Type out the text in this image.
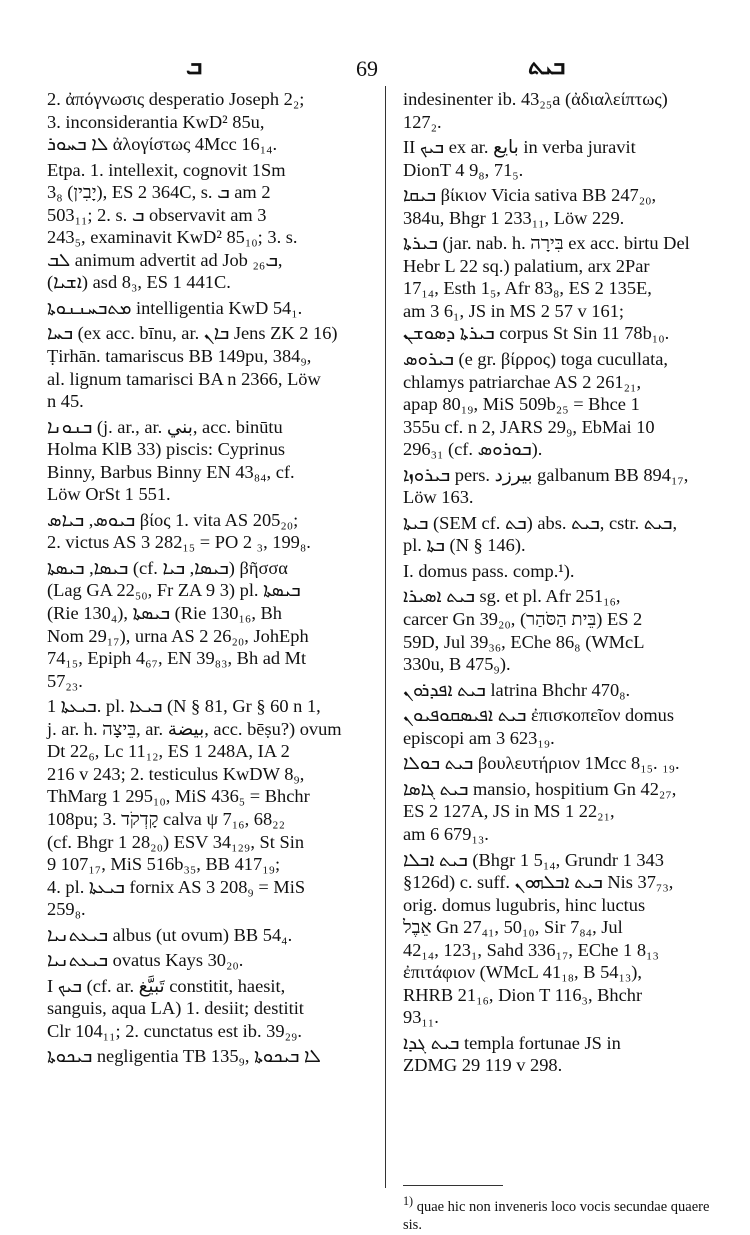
ܒ	69	ܒܝܬ
2. ἀπόγνωσις desperatio Joseph 2₂;
3. inconsiderantia KwD² 85u,
ܠܐ ܒܚܘܪ ἀλογίστως 4Mcc 16₁₄.
Etpa. 1. intellexit, cognovit 1Sm
3₈ (יָבִין), ES 2 364C, s. ܒ am 2
503₁₁; 2. s. ܒ observavit am 3
243₅, examinavit KwD² 85₁₀; 3. s.
ܠܒ animum advertit ad Job ܒ₂₆,
(ܐܫܝܐ) asd 8₃, ES 1 441C.
ܡܬܒܚܢܢܘܬܐ intelligentia KwD 54₁.
ܒܚܐ (ex acc. bīnu, ar. ܒܐܢ Jens ZK 2 16)
Ṭirhān. tamariscus BB 149pu, 384₉,
al. lignum tamarisci BA n 2366, Löw
n 45.
ܒܢܘܢܐ (j. ar., ar. بني, acc. binūtu
Holma KlB 33) piscis: Cyprinus
Binny, Barbus Binny EN 43₈₄, cf.
Löw OrSt 1 551.
ܒܝܘܣ, ܒܝܐܣ βίος 1. vita AS 205₂₀;
2. victus AS 3 282₁₅ = PO 2 ₃, 199₈.
ܒܝܣܐ, ܒܝܣܬܐ (cf. ܒܝܣܐ, ܒܝܐ) βῆσσα
(Lag GA 22₅₀, Fr ZA 9 3) pl. ܒܝܣܬܐ
(Rie 130₄), ܒܝܣܬܐ (Rie 130₁₆, Bh
Nom 29₁₇), urna AS 2 26₂₀, JohEph
74₁₅, Epiph 4₆₇, EN 39₈₃, Bh ad Mt
57₂₃.
ܒܝܥܬܐ 1. pl. ܒܝܥܐ (N § 81, Gr § 60 n 1,
j. ar. h. בֵּיצָה, ar. بيضة, acc. bēṣu?) ovum
Dt 22₆, Lc 11₁₂, ES 1 248A, IA 2
216 v 243; 2. testiculus KwDW 8₉,
ThMarg 1 295₁₀, MiS 436₅ = Bhchr
108pu; 3. קָדְקֹד calva ψ 7₁₆, 68₂₂
(cf. Bhgr 1 28₂₀) ESV 34₁₂₉, St Sin
9 107₁₇, MiS 516b₃₅, BB 417₁₉;
4. pl. ܒܝܥܬܐ fornix AS 3 208₉ = MiS
259₈.
ܒܝܥܬܢܝܐ albus (ut ovum) BB 54₄.
ܒܝܥܬܢܝܐ ovatus Kays 30₂₀.
I ܒܝܟ (cf. ar. تَبيَّغ constitit, haesit,
sanguis, aqua LA) 1. desiit; destitit
Clr 104₁₁; 2. cunctatus est ib. 39₂₉.
ܒܝܟܘܬܐ negligentia TB 135₉, ܠܐ ܒܝܟܘܬܐ
indesinenter ib. 43₂₅a (ἀδιαλείπτως)
127₂.
II ܒܝܟ ex ar. بايع in verba juravit
DionT 4 9₈, 71₅.
ܒܝܩܐ βίκιον Vicia sativa BB 247₂₀,
384u, Bhgr 1 233₁₁, Löw 229.
ܒܝܪܬܐ (jar. nab. h. בִּירָה ex acc. birtu Del
Hebr L 22 sq.) palatium, arx 2Par
17₁₄, Esth 1₅, Afr 83₈, ES 2 135E,
am 3 6₁, JS in MS 2 57 v 161;
ܒܝܪܬܐ ܕܣܘܫܢ corpus St Sin 11 78b₁₀.
ܒܝܪܘܣ (e gr. βίρρος) toga cucullata,
chlamys patriarchae AS 2 261₂₁,
apap 80₁₉, MiS 509b₂₅ = Bhce 1
355u cf. n 2, JARS 29₉, EbMai 10
296₃₁ (cf. ܒܘܪܘܣ).
ܒܝܪܘܙܐ pers. بيرزد galbanum BB 894₁₇,
Löw 163.
ܒܝܬܐ (SEM cf. ܒܬ) abs. ܒܝܬ, cstr. ܒܝܬ,
pl. ܒܬܐ (N § 146).
I. domus pass. comp.¹).
ܒܝܬ ܐܣܝܪܐ sg. et pl. Afr 251₁₆,
carcer Gn 39₂₀, (בֵּית הַסֹּהַר) ES 2
59D, Jul 39₃₆, EChe 86₈ (WMcL
330u, B 475₉).
ܒܝܬ ܐܦܕܪܘܢ latrina Bhchr 470₈.
ܒܝܬ ܐܦܝܣܩܘܦܝܘܢ ἐπισκοπεῖον domus
episcopi am 3 623₁₉.
ܒܝܬ ܒܘܠܐ βουλευτήριον 1Mcc 8₁₅. ₁₉.
ܒܝܬ ܓܐܣܐ mansio, hospitium Gn 42₂₇,
ES 2 127A, JS in MS 1 22₂₁,
am 6 679₁₃.
ܒܝܬ ܐܒܠܐ (Bhgr 1 5₁₄, Grundr 1 343
§126d) c. suff. ܒܝܬ ܐܒܠܗܘܢ Nis 37₇₃,
orig. domus lugubris, hinc luctus
אֵבֶל Gn 27₄₁, 50₁₀, Sir 7₈₄, Jul
42₁₄, 123₁, Sahd 336₁₇, EChe 1 8₁₃
ἐπιτάφιον (WMcL 41₁₈, B 54₁₃),
RHRB 21₁₆, Dion T 116₃, Bhchr
93₁₁.
ܒܝܬ ܓܕܐ templa fortunae JS in
ZDMG 29 119 v 298.
$^{1)}$ quae hic non inveneris loco vocis secundae quaere sis.
